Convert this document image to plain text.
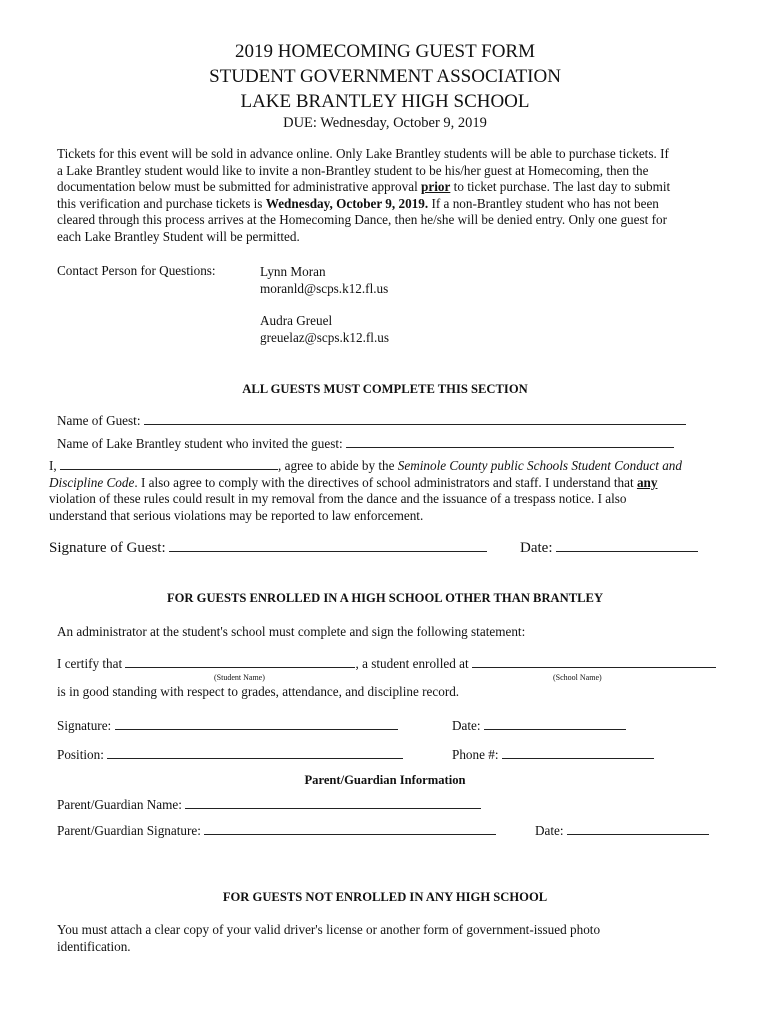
2019 HOMECOMING GUEST FORM
STUDENT GOVERNMENT ASSOCIATION
LAKE BRANTLEY HIGH SCHOOL
DUE: Wednesday, October 9, 2019
Tickets for this event will be sold in advance online. Only Lake Brantley students will be able to purchase tickets. If
a Lake Brantley student would like to invite a non-Brantley student to be his/her guest at Homecoming, then the
documentation below must be submitted for administrative approval prior to ticket purchase. The last day to submit
this verification and purchase tickets is Wednesday, October 9, 2019. If a non-Brantley student who has not been
cleared through this process arrives at the Homecoming Dance, then he/she will be denied entry. Only one guest for
each Lake Brantley Student will be permitted.
Contact Person for Questions:	Lynn Moran
moranld@scps.k12.fl.us
Audra Greuel
greuelaz@scps.k12.fl.us
ALL GUESTS MUST COMPLETE THIS SECTION
Name of Guest:
Name of Lake Brantley student who invited the guest:
I,	, agree to abide by the Seminole County public Schools Student Conduct and
Discipline Code. I also agree to comply with the directives of school administrators and staff. I understand that any
violation of these rules could result in my removal from the dance and the issuance of a trespass notice. I also
understand that serious violations may be reported to law enforcement.
Signature of Guest:	Date:
FOR GUESTS ENROLLED IN A HIGH SCHOOL OTHER THAN BRANTLEY
An administrator at the student's school must complete and sign the following statement:
I certify that	, a student enrolled at
(Student Name)	(School Name)
is in good standing with respect to grades, attendance, and discipline record.
Signature:	Date:
Position:	Phone #:
Parent/Guardian Information
Parent/Guardian Name:
Parent/Guardian Signature:	Date:
FOR GUESTS NOT ENROLLED IN ANY HIGH SCHOOL
You must attach a clear copy of your valid driver's license or another form of government-issued photo
identification.
